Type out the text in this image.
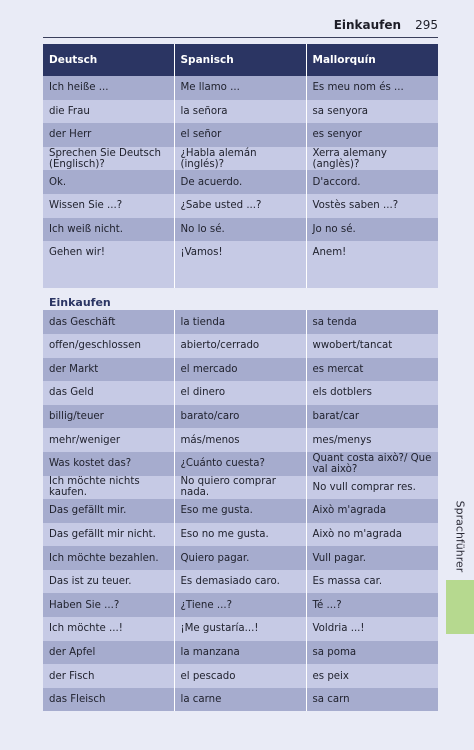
Einkaufen 295
Deutsch	Spanisch	Mallorquín
Ich heiße ...	Me llamo ...	Es meu nom és ...
die Frau	la señora	sa senyora
der Herr	el señor	es senyor
Sprechen Sie Deutsch (Englisch)?	¿Habla alemán (inglés)?	Xerra alemany (anglès)?
Ok.	De acuerdo.	D'accord.
Wissen Sie ...?	¿Sabe usted ...?	Vostès saben ...?
Ich weiß nicht.	No lo sé.	Jo no sé.
Gehen wir!	¡Vamos!	Anem!

Einkaufen		
das Geschäft	la tienda	sa tenda
offen/geschlossen	abierto/cerrado	wwobert/tancat
der Markt	el mercado	es mercat
das Geld	el dinero	els dotblers
billig/teuer	barato/caro	barat/car
mehr/weniger	más/menos	mes/menys
Was kostet das?	¿Cuánto cuesta?	Quant costa això?/ Que val això?
Ich möchte nichts kaufen.	No quiero comprar nada.	No vull comprar res.
Das gefällt mir.	Eso me gusta.	Això m'agrada
Das gefällt mir nicht.	Eso no me gusta.	Això no m'agrada
Ich möchte bezahlen.	Quiero pagar.	Vull pagar.
Das ist zu teuer.	Es demasiado caro.	Es massa car.
Haben Sie ...?	¿Tiene ...?	Té ...?
Ich möchte ...!	¡Me gustaría...!	Voldria ...!
der Apfel	la manzana	sa poma
der Fisch	el pescado	es peix
das Fleisch	la carne	sa carn
Sprachführer
